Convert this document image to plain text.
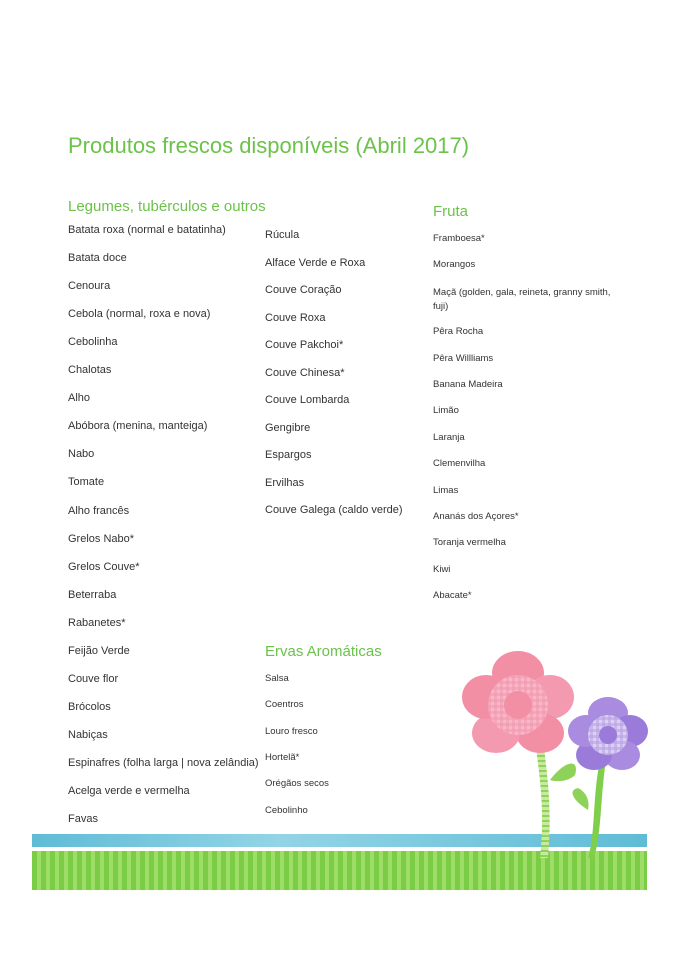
Produtos frescos disponíveis (Abril 2017)
Legumes, tubérculos e outros
Batata roxa (normal e batatinha)
Batata doce
Cenoura
Cebola (normal, roxa e nova)
Cebolinha
Chalotas
Alho
Abóbora (menina, manteiga)
Nabo
Tomate
Alho francês
Grelos Nabo*
Grelos Couve*
Beterraba
Rabanetes*
Feijão Verde
Couve flor
Brócolos
Nabiças
Espinafres (folha larga | nova zelândia)
Acelga verde e vermelha
Favas
Rúcula
Alface Verde e Roxa
Couve Coração
Couve Roxa
Couve Pakchoi*
Couve Chinesa*
Couve Lombarda
Gengibre
Espargos
Ervilhas
Couve Galega (caldo verde)
Fruta
Framboesa*
Morangos
Maçã (golden, gala, reineta, granny smith, fuji)
Pêra Rocha
Pêra Willliams
Banana Madeira
Limão
Laranja
Clemenvilha
Limas
Ananás dos Açores*
Toranja vermelha
Kiwi
Abacate*
Ervas Aromáticas
Salsa
Coentros
Louro fresco
Hortelã*
Orégãos secos
Cebolinho
